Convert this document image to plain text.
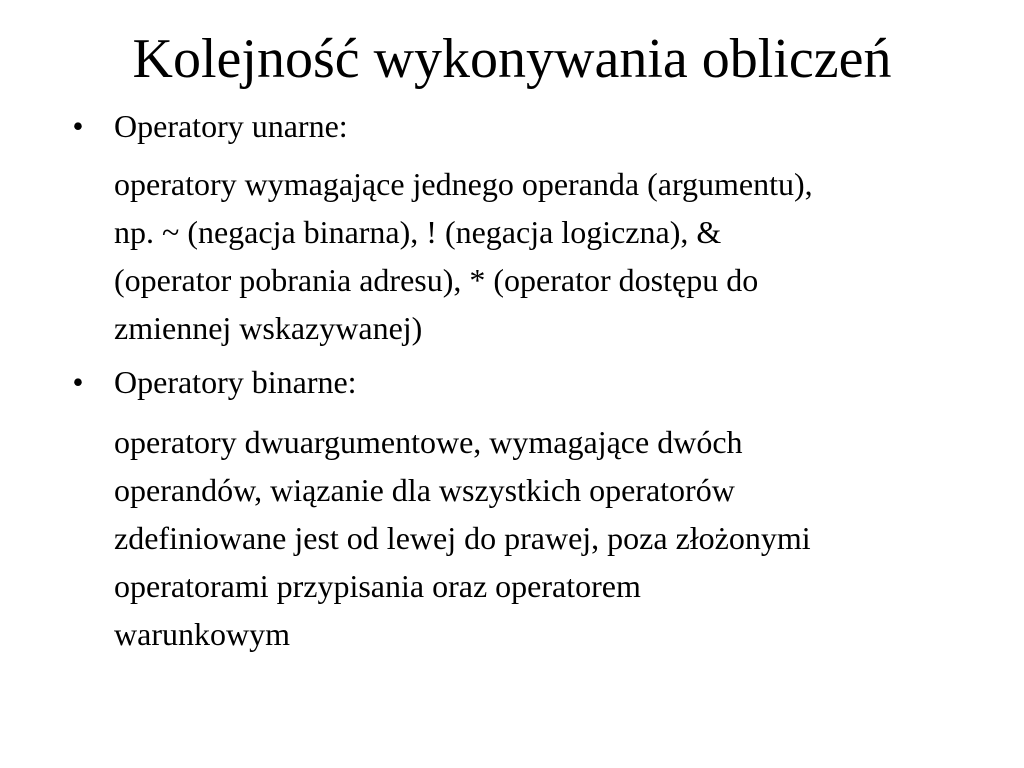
Kolejność wykonywania obliczeń
• Operatory unarne:

operatory wymagające jednego operanda (argumentu),
np. ~ (negacja binarna), ! (negacja logiczna), &
(operator pobrania adresu), * (operator dostępu do
zmiennej wskazywanej)

• Operatory binarne:

operatory dwuargumentowe, wymagające dwóch
operandów, wiązanie dla wszystkich operatorów
zdefiniowane jest od lewej do prawej, poza złożonymi
operatorami przypisania oraz operatorem
warunkowym
